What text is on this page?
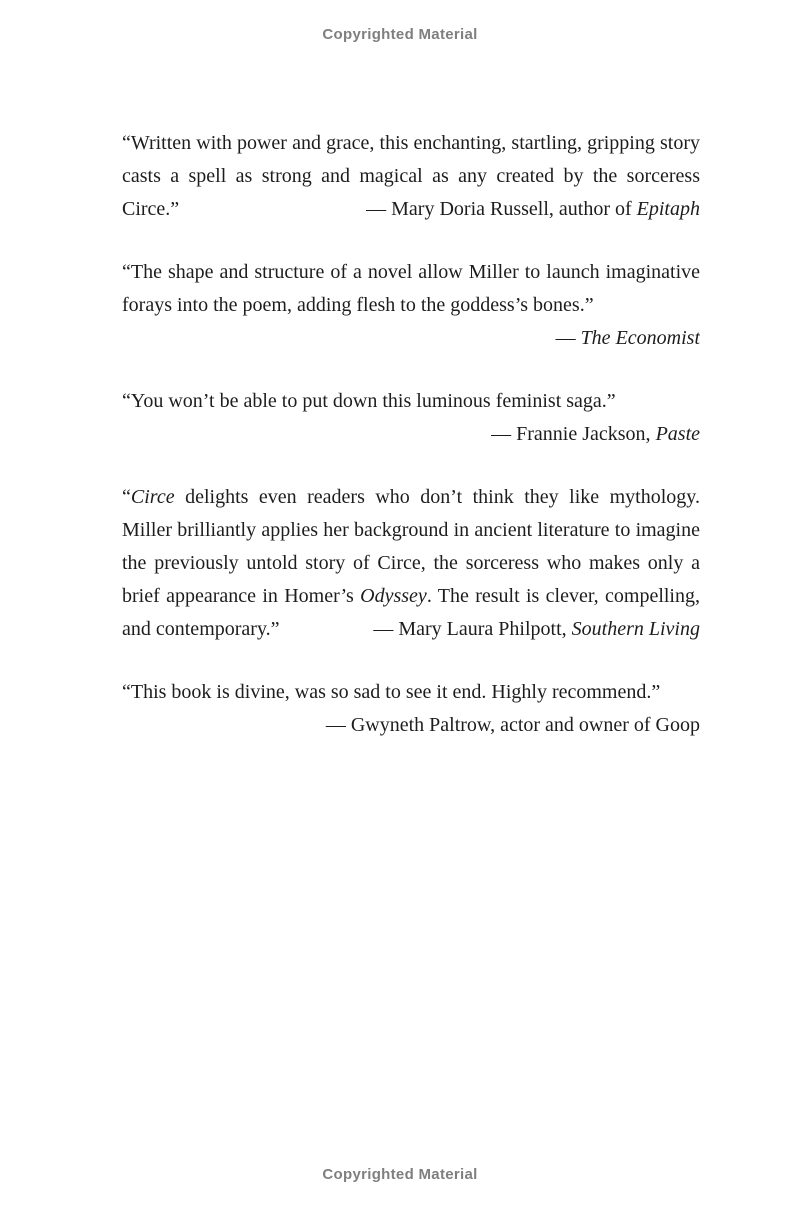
Copyrighted Material

“Written with power and grace, this enchanting, startling, gripping story casts a spell as strong and magical as any created by the sorceress Circe.”	— Mary Doria Russell, author of Epitaph

“The shape and structure of a novel allow Miller to launch imaginative forays into the poem, adding flesh to the goddess’s bones.”
— The Economist

“You won’t be able to put down this luminous feminist saga.”
— Frannie Jackson, Paste

“Circe delights even readers who don’t think they like mythology. Miller brilliantly applies her background in ancient literature to imagine the previously untold story of Circe, the sorceress who makes only a brief appearance in Homer’s Odyssey. The result is clever, compelling, and contemporary.”	— Mary Laura Philpott, Southern Living

“This book is divine, was so sad to see it end. Highly recommend.”
— Gwyneth Paltrow, actor and owner of Goop

Copyrighted Material
